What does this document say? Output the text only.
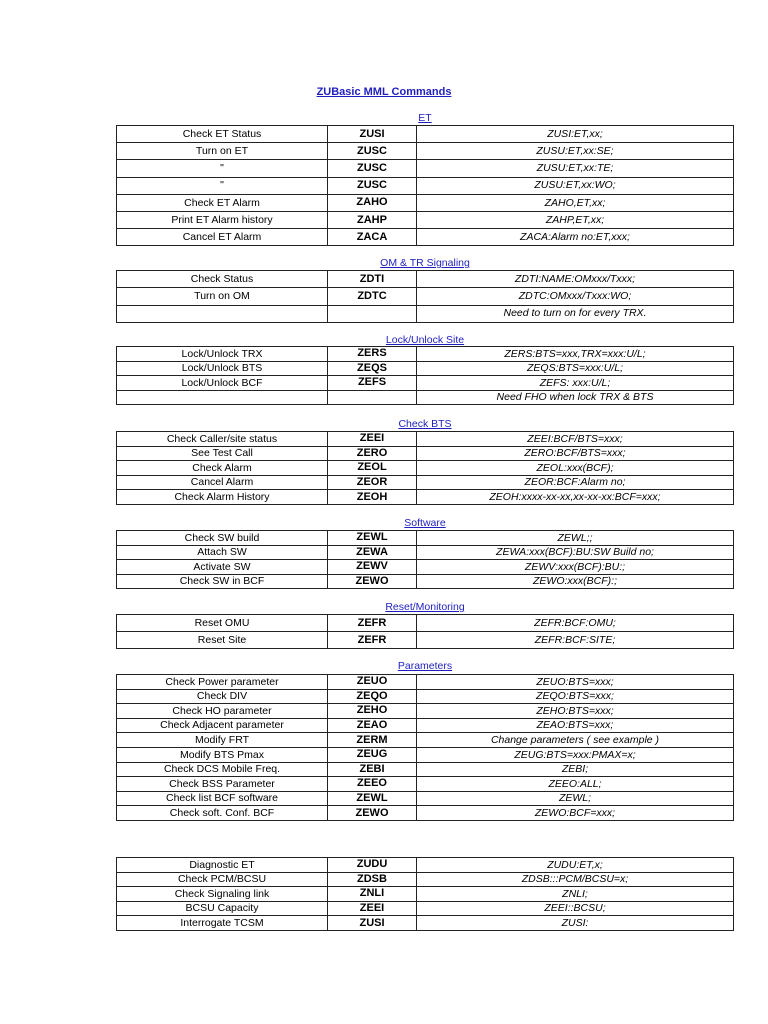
ZUBasic MML Commands
ET
Check ET Status	ZUSI	ZUSI:ET,xx;
Turn on ET	ZUSC	ZUSU:ET,xx:SE;
"	ZUSC	ZUSU:ET,xx:TE;
"	ZUSC	ZUSU:ET,xx:WO;
Check ET Alarm	ZAHO	ZAHO,ET,xx;
Print ET Alarm history	ZAHP	ZAHP,ET,xx;
Cancel ET Alarm	ZACA	ZACA:Alarm no:ET,xxx;
OM & TR Signaling
Check Status	ZDTI	ZDTI:NAME:OMxxx/Txxx;
Turn on OM	ZDTC	ZDTC:OMxxx/Txxx:WO;
		Need to turn on for every TRX.
Lock/Unlock Site
Lock/Unlock TRX	ZERS	ZERS:BTS=xxx,TRX=xxx:U/L;
Lock/Unlock BTS	ZEQS	ZEQS:BTS=xxx:U/L;
Lock/Unlock BCF	ZEFS	ZEFS: xxx:U/L;
		Need FHO when lock TRX & BTS
Check BTS
Check Caller/site status	ZEEI	ZEEI:BCF/BTS=xxx;
See Test Call	ZERO	ZERO:BCF/BTS=xxx;
Check Alarm	ZEOL	ZEOL:xxx(BCF);
Cancel Alarm	ZEOR	ZEOR:BCF:Alarm no;
Check Alarm History	ZEOH	ZEOH:xxxx-xx-xx,xx-xx-xx:BCF=xxx;
Software
Check SW build	ZEWL	ZEWL;;
Attach SW	ZEWA	ZEWA:xxx(BCF):BU:SW Build no;
Activate SW	ZEWV	ZEWV:xxx(BCF):BU:;
Check SW in BCF	ZEWO	ZEWO:xxx(BCF):;
Reset/Monitoring
Reset OMU	ZEFR	ZEFR:BCF:OMU;
Reset Site	ZEFR	ZEFR:BCF:SITE;
Parameters
Check Power parameter	ZEUO	ZEUO:BTS=xxx;
Check DIV	ZEQO	ZEQO:BTS=xxx;
Check HO parameter	ZEHO	ZEHO:BTS=xxx;
Check Adjacent parameter	ZEAO	ZEAO:BTS=xxx;
Modify FRT	ZERM	Change parameters ( see example )
Modify BTS Pmax	ZEUG	ZEUG:BTS=xxx:PMAX=x;
Check DCS Mobile Freq.	ZEBI	ZEBI;
Check BSS Parameter	ZEEO	ZEEO:ALL;
Check list BCF software	ZEWL	ZEWL;
Check soft. Conf. BCF	ZEWO	ZEWO:BCF=xxx;
Diagnostic ET	ZUDU	ZUDU:ET,x;
Check PCM/BCSU	ZDSB	ZDSB:::PCM/BCSU=x;
Check Signaling link	ZNLI	ZNLI;
BCSU Capacity	ZEEI	ZEEI::BCSU;
Interrogate TCSM	ZUSI	ZUSI:
